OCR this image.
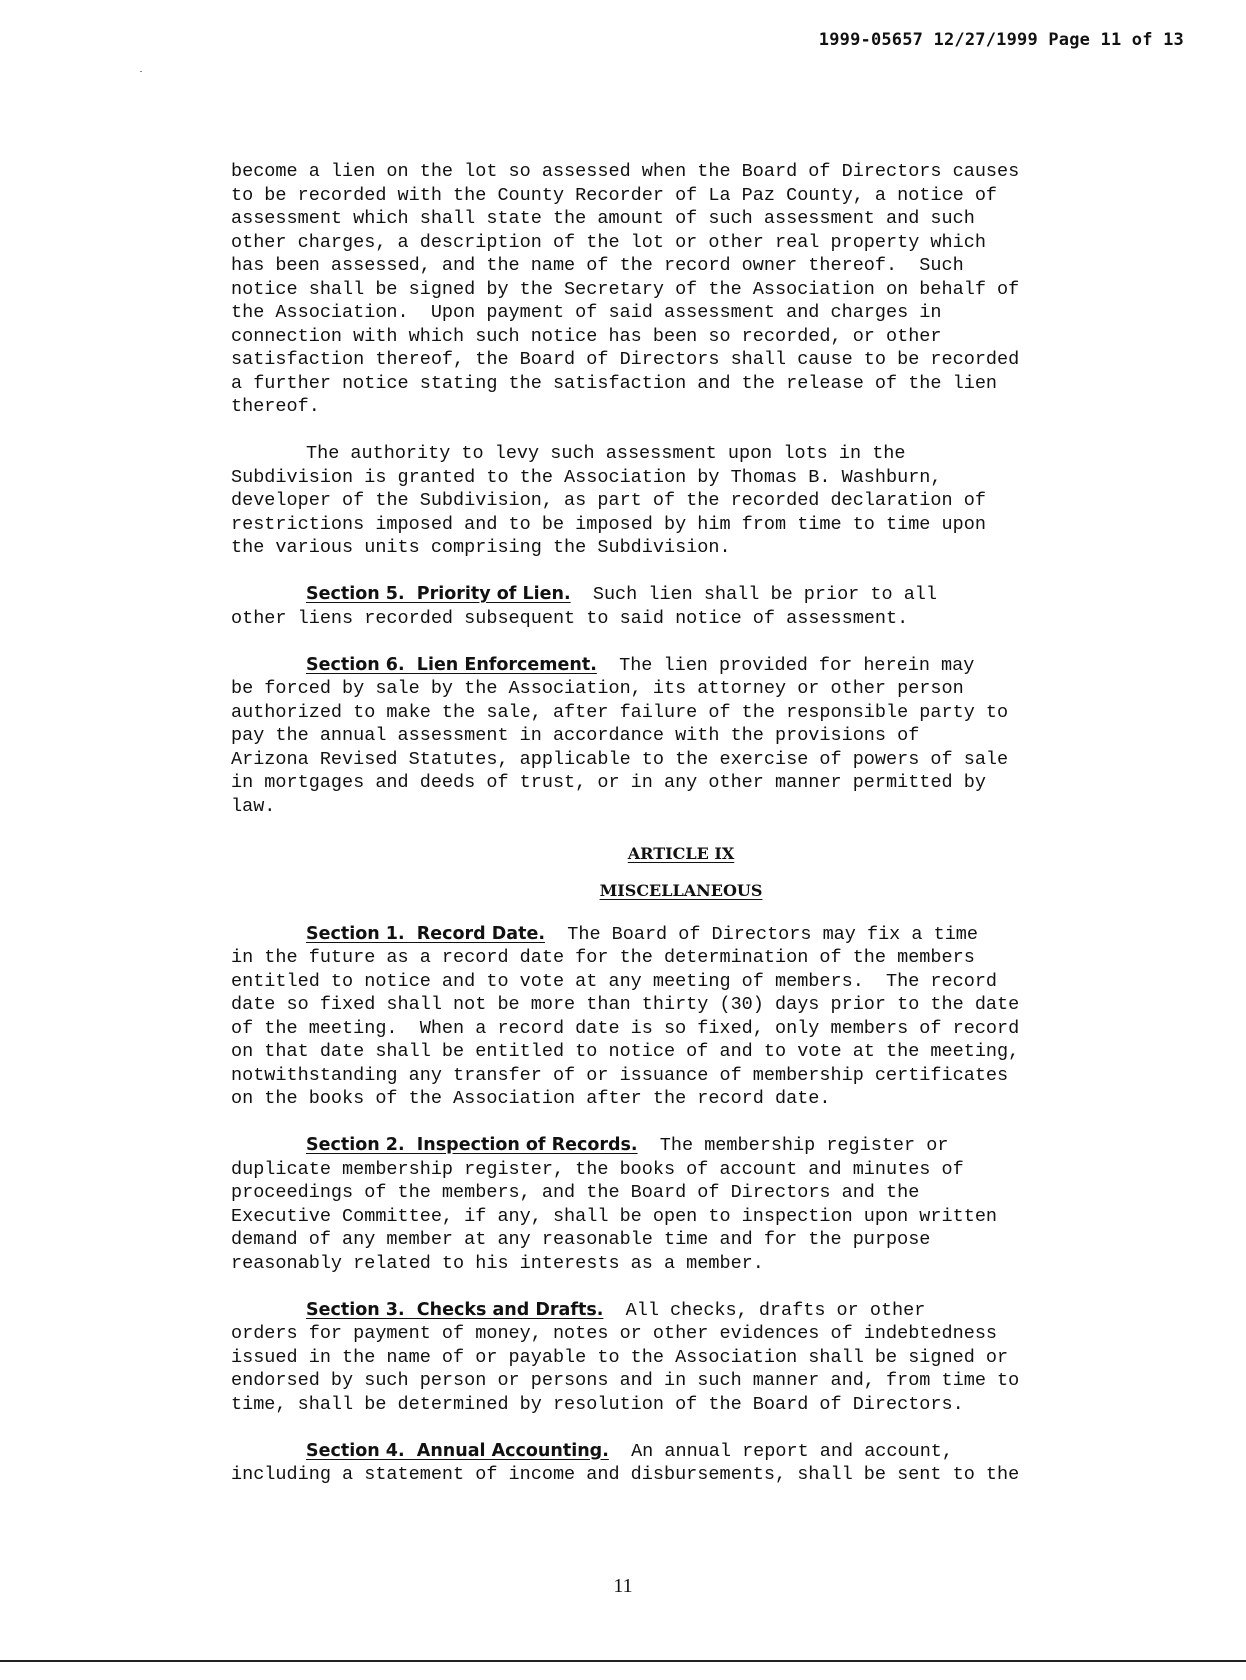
1999-05657 12/27/1999 Page 11 of 13

become a lien on the lot so assessed when the Board of Directors causes
to be recorded with the County Recorder of La Paz County, a notice of
assessment which shall state the amount of such assessment and such
other charges, a description of the lot or other real property which
has been assessed, and the name of the record owner thereof.  Such
notice shall be signed by the Secretary of the Association on behalf of
the Association.  Upon payment of said assessment and charges in
connection with which such notice has been so recorded, or other
satisfaction thereof, the Board of Directors shall cause to be recorded
a further notice stating the satisfaction and the release of the lien
thereof.

The authority to levy such assessment upon lots in the
Subdivision is granted to the Association by Thomas B. Washburn,
developer of the Subdivision, as part of the recorded declaration of
restrictions imposed and to be imposed by him from time to time upon
the various units comprising the Subdivision.

Section 5.  Priority of Lien. Such lien shall be prior to all
other liens recorded subsequent to said notice of assessment.

Section 6.  Lien Enforcement. The lien provided for herein may
be forced by sale by the Association, its attorney or other person
authorized to make the sale, after failure of the responsible party to
pay the annual assessment in accordance with the provisions of
Arizona Revised Statutes, applicable to the exercise of powers of sale
in mortgages and deeds of trust, or in any other manner permitted by
law.

ARTICLE IX

MISCELLANEOUS

Section 1.  Record Date. The Board of Directors may fix a time
in the future as a record date for the determination of the members
entitled to notice and to vote at any meeting of members.  The record
date so fixed shall not be more than thirty (30) days prior to the date
of the meeting.  When a record date is so fixed, only members of record
on that date shall be entitled to notice of and to vote at the meeting,
notwithstanding any transfer of or issuance of membership certificates
on the books of the Association after the record date.

Section 2.  Inspection of Records. The membership register or
duplicate membership register, the books of account and minutes of
proceedings of the members, and the Board of Directors and the
Executive Committee, if any, shall be open to inspection upon written
demand of any member at any reasonable time and for the purpose
reasonably related to his interests as a member.

Section 3.  Checks and Drafts. All checks, drafts or other
orders for payment of money, notes or other evidences of indebtedness
issued in the name of or payable to the Association shall be signed or
endorsed by such person or persons and in such manner and, from time to
time, shall be determined by resolution of the Board of Directors.

Section 4.  Annual Accounting. An annual report and account,
including a statement of income and disbursements, shall be sent to the

11
